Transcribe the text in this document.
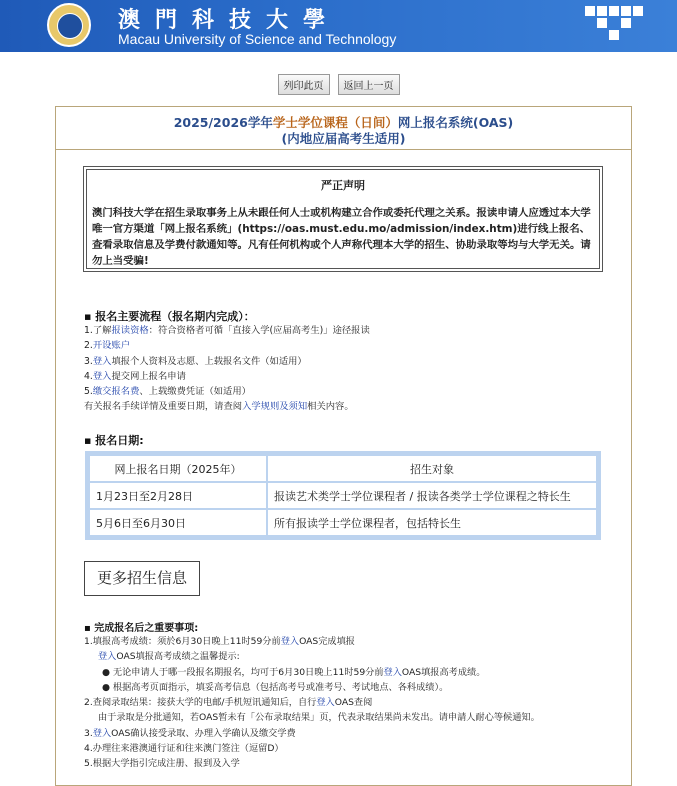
澳門科技大學
Macau University of Science and Technology
列印此页 返回上一页
2025/2026学年学士学位课程（日间）网上报名系统(OAS)
(内地应届高考生适用)
严正声明
澳门科技大学在招生录取事务上从未跟任何人士或机构建立合作或委托代理之关系。报读申请人应透过本大学唯一官方渠道「网上报名系统」(https://oas.must.edu.mo/admission/index.htm)进行线上报名、查看录取信息及学费付款通知等。凡有任何机构或个人声称代理本大学的招生、协助录取等均与大学无关。请勿上当受骗!
▪ 报名主要流程（报名期内完成）：
1.了解报读资格：符合资格者可循「直接入学(应届高考生)」途径报读
2.开设账户
3.登入填报个人资料及志愿、上载报名文件（如适用）
4.登入提交网上报名申请
5.缴交报名费、上载缴费凭证（如适用）
有关报名手续详情及重要日期，请查阅入学规则及须知相关内容。
▪ 报名日期:
网上报名日期（2025年）	招生对象
1月23日至2月28日	报读艺术类学士学位课程者 / 报读各类学士学位课程之特长生
5月6日至6月30日	所有报读学士学位课程者，包括特长生
更多招生信息
▪ 完成报名后之重要事项:
1.填报高考成绩：须於6月30日晚上11时59分前登入OAS完成填报
登入OAS填报高考成绩之温馨提示:
● 无论申请人于哪一段报名期报名，均可于6月30日晚上11时59分前登入OAS填报高考成绩。
● 根据高考页面指示，填妥高考信息（包括高考号或准考号、考试地点、各科成绩）。
2.查阅录取结果：接获大学的电邮/手机短讯通知后，自行登入OAS查阅
由于录取是分批通知，若OAS暂未有「公布录取结果」页，代表录取结果尚未发出。请申請人耐心等候通知。
3.登入OAS确认接受录取、办理入学确认及缴交学费
4.办理往来港澳通行证和往来澳门签注（逗留D）
5.根据大学指引完成注册、报到及入学
